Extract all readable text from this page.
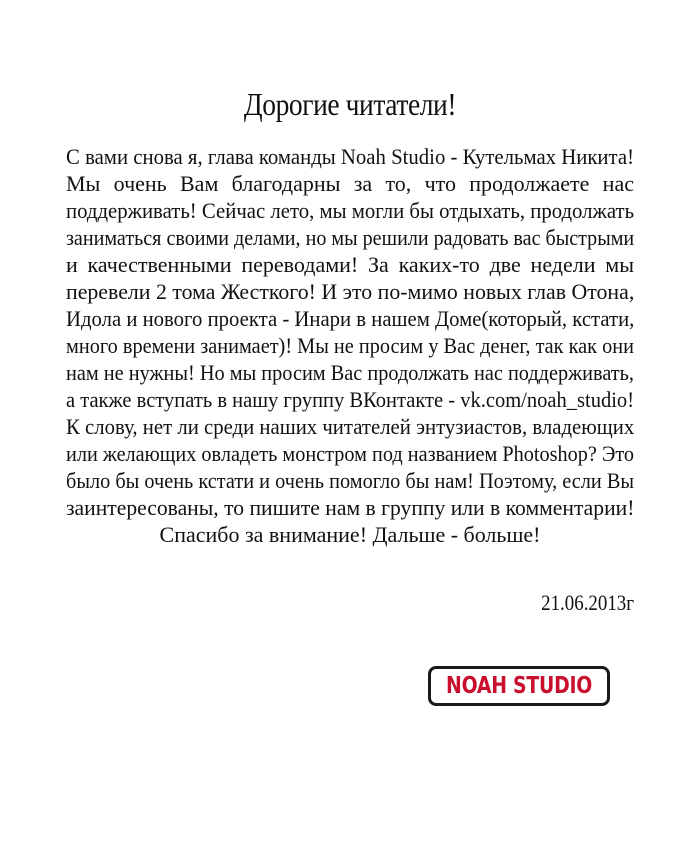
Дорогие читатели!
С вами снова я, глава команды Noah Studio - Кутельмах Никита!
Мы очень Вам благодарны за то, что продолжаете нас
поддерживать! Сейчас лето, мы могли бы отдыхать, продолжать
заниматься своими делами, но мы решили радовать вас быстрыми
и качественными переводами! За каких-то две недели мы
перевели 2 тома Жесткого! И это по-мимо новых глав Отона,
Идола и нового проекта - Инари в нашем Доме(который, кстати,
много времени занимает)! Мы не просим у Вас денег, так как они
нам не нужны! Но мы просим Вас продолжать нас поддерживать,
а также вступать в нашу группу ВКонтакте - vk.com/noah_studio!
К слову, нет ли среди наших читателей энтузиастов, владеющих
или желающих овладеть монстром под названием Photoshop? Это
было бы очень кстати и очень помогло бы нам! Поэтому, если Вы
заинтересованы, то пишите нам в группу или в комментарии!
Спасибо за внимание! Дальше - больше!
21.06.2013г
NOAH STUDIO
